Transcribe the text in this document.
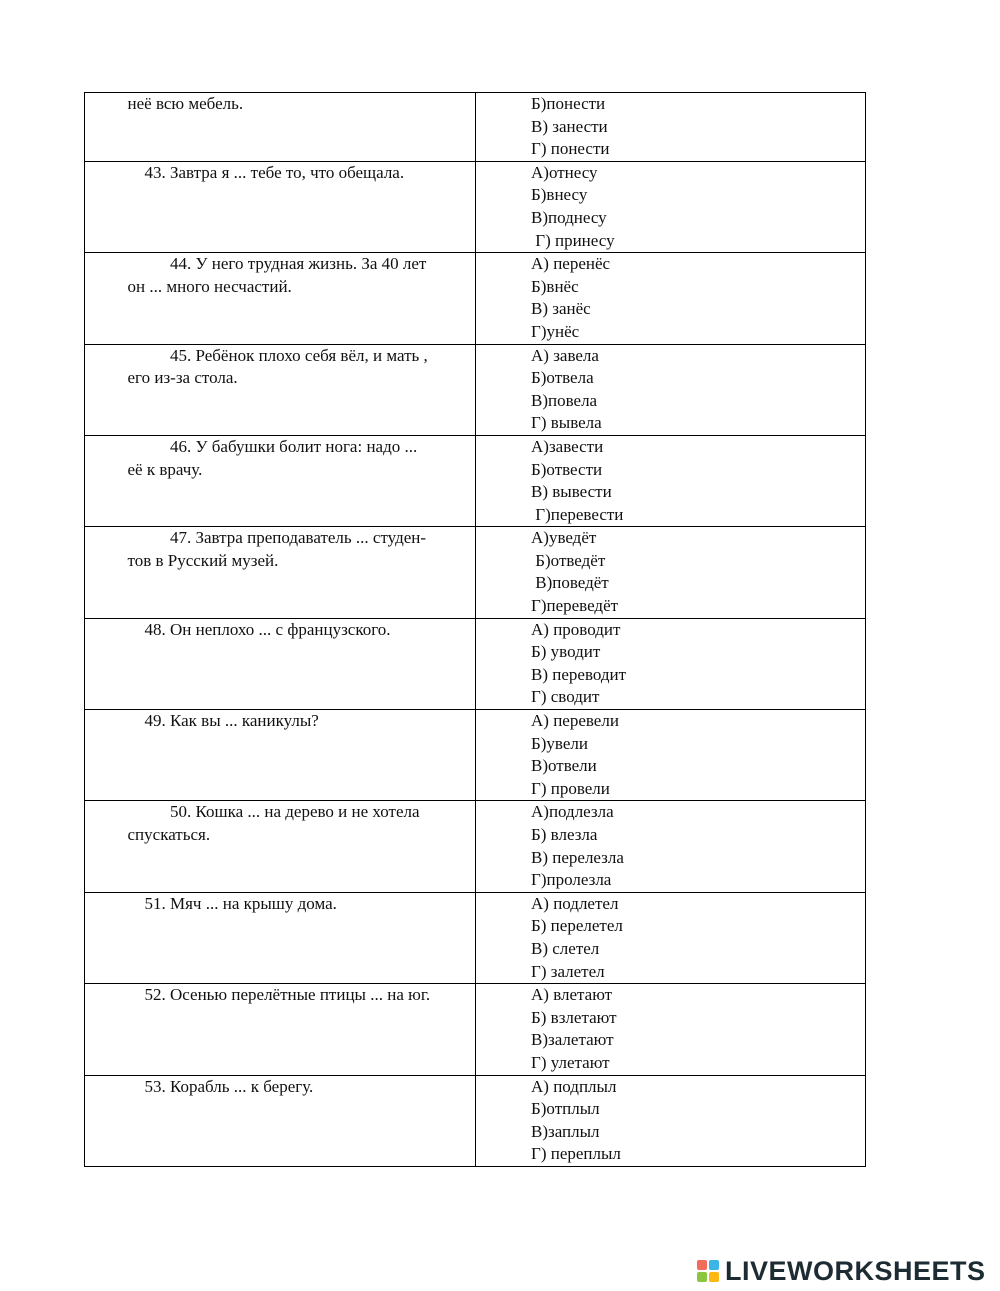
неё всю мебель.	Б)понести
В) занести
Г) понести

43. Завтра я ... тебе то, что обещала.	А)отнесу
Б)внесу
В)поднесу
Г) принесу

44. У него трудная жизнь. За 40 лет
он ... много несчастий.	А) перенёс
Б)внёс
В) занёс
Г)унёс

45. Ребёнок плохо себя вёл, и мать ,
его из-за стола.	А) завела
Б)отвела
В)повела
Г) вывела

46. У бабушки болит нога: надо ...
её к врачу.	А)завести
Б)отвести
В) вывести
Г)перевести

47. Завтра преподаватель ... студен-
тов в Русский музей.	А)уведёт
Б)отведёт
В)поведёт
Г)переведёт

48. Он неплохо ... с французского.	А) проводит
Б) уводит
В) переводит
Г) сводит

49. Как вы ... каникулы?	А) перевели
Б)увели
В)отвели
Г) провели

50. Кошка ... на дерево и не хотела
спускаться.	А)подлезла
Б) влезла
В) перелезла
Г)пролезла

51. Мяч ... на крышу дома.	А) подлетел
Б) перелетел
В) слетел
Г) залетел

52. Осенью перелётные птицы ... на юг.	А) влетают
Б) взлетают
В)залетают
Г) улетают

53. Корабль ... к берегу.	А) подплыл
Б)отплыл
В)заплыл
Г) переплыл
LIVEWORKSHEETS
